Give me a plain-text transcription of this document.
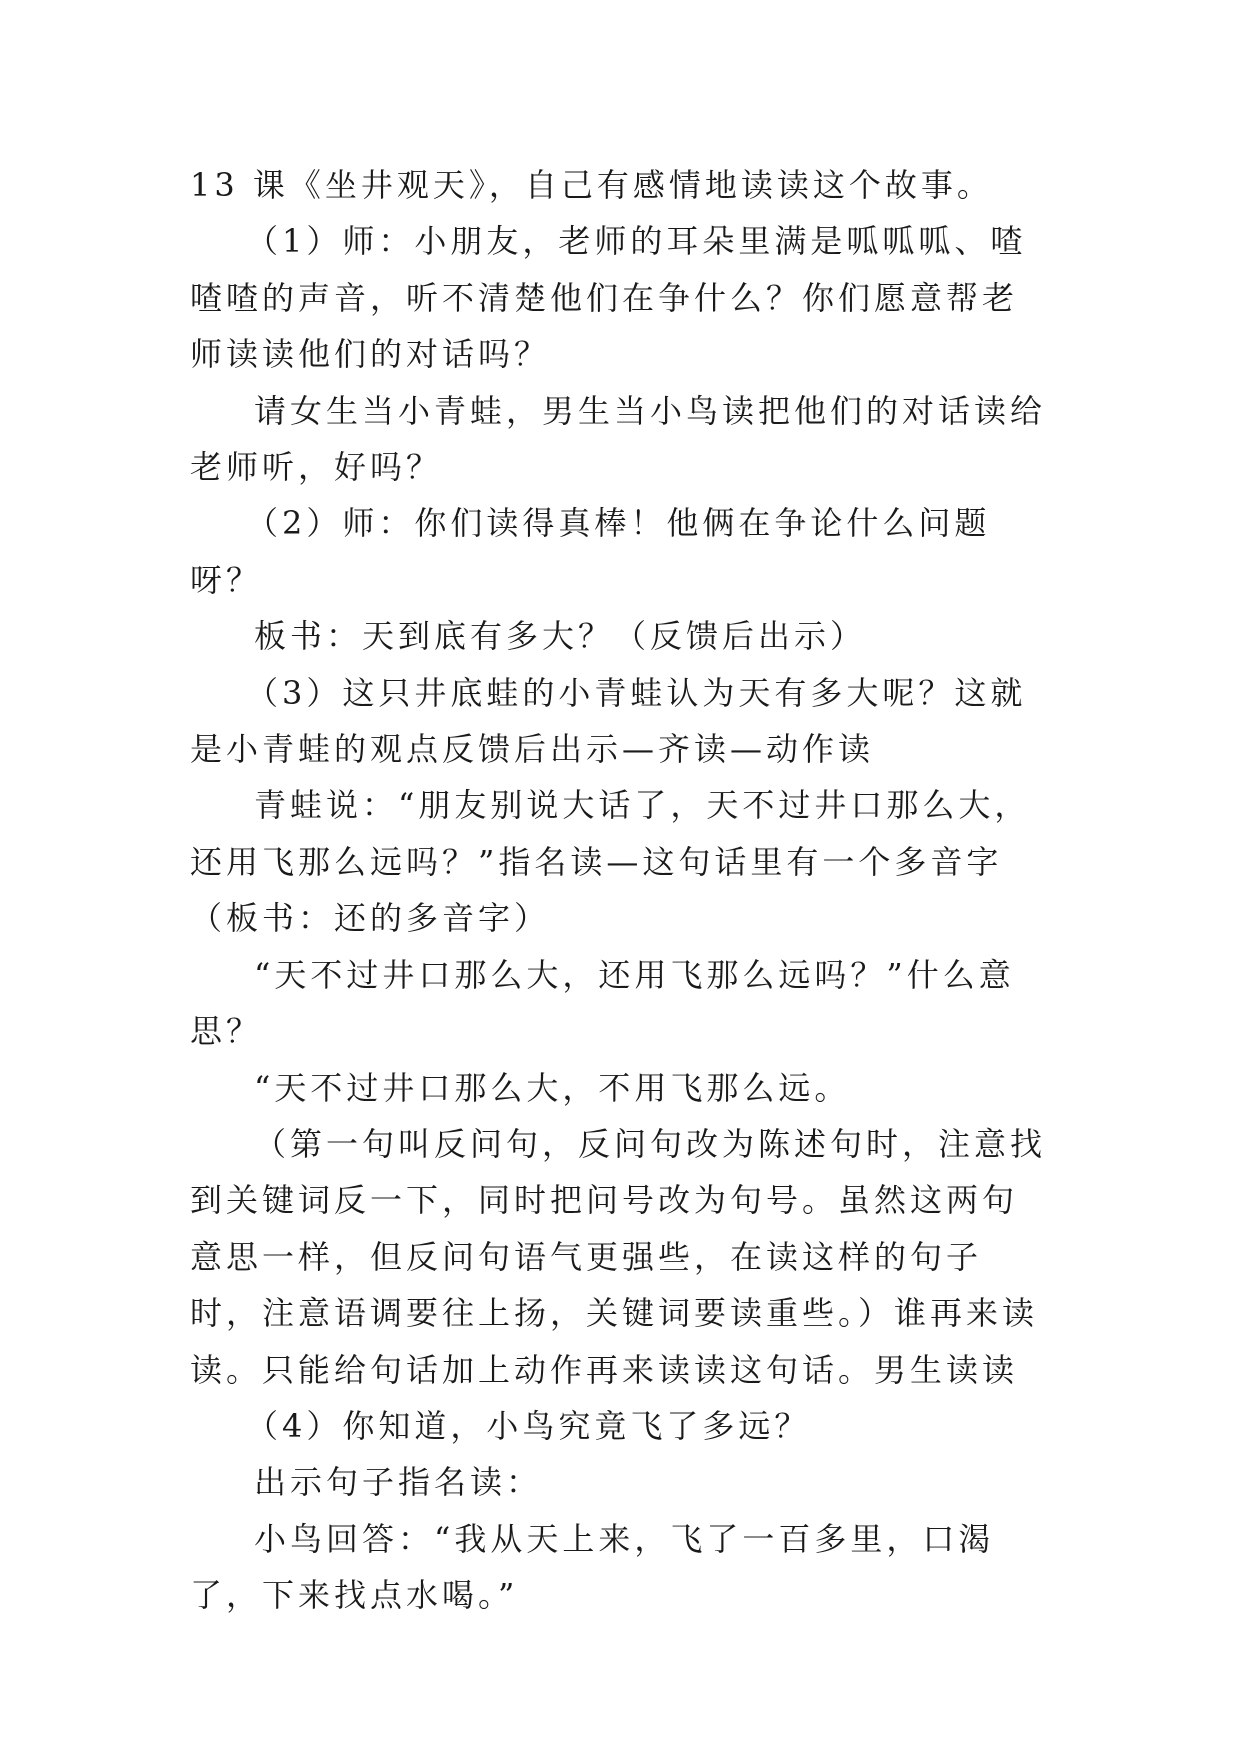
13 课《坐井观天》，自己有感情地读读这个故事。

（1）师：小朋友，老师的耳朵里满是呱呱呱、喳喳喳的声音，听不清楚他们在争什么？你们愿意帮老师读读他们的对话吗？

请女生当小青蛙，男生当小鸟读把他们的对话读给老师听，好吗？

（2）师：你们读得真棒！他俩在争论什么问题呀？

板书：天到底有多大？（反馈后出示）

（3）这只井底蛙的小青蛙认为天有多大呢？这就是小青蛙的观点反馈后出示—齐读—动作读

青蛙说：“朋友别说大话了，天不过井口那么大，还用飞那么远吗？”指名读—这句话里有一个多音字（板书：还的多音字）

“天不过井口那么大，还用飞那么远吗？”什么意思？

“天不过井口那么大，不用飞那么远。

（第一句叫反问句，反问句改为陈述句时，注意找到关键词反一下，同时把问号改为句号。虽然这两句意思一样，但反问句语气更强些，在读这样的句子时，注意语调要往上扬，关键词要读重些。）谁再来读读。只能给句话加上动作再来读读这句话。男生读读

（4）你知道，小鸟究竟飞了多远？

出示句子指名读：

小鸟回答：“我从天上来，飞了一百多里，口渴了，下来找点水喝。”
